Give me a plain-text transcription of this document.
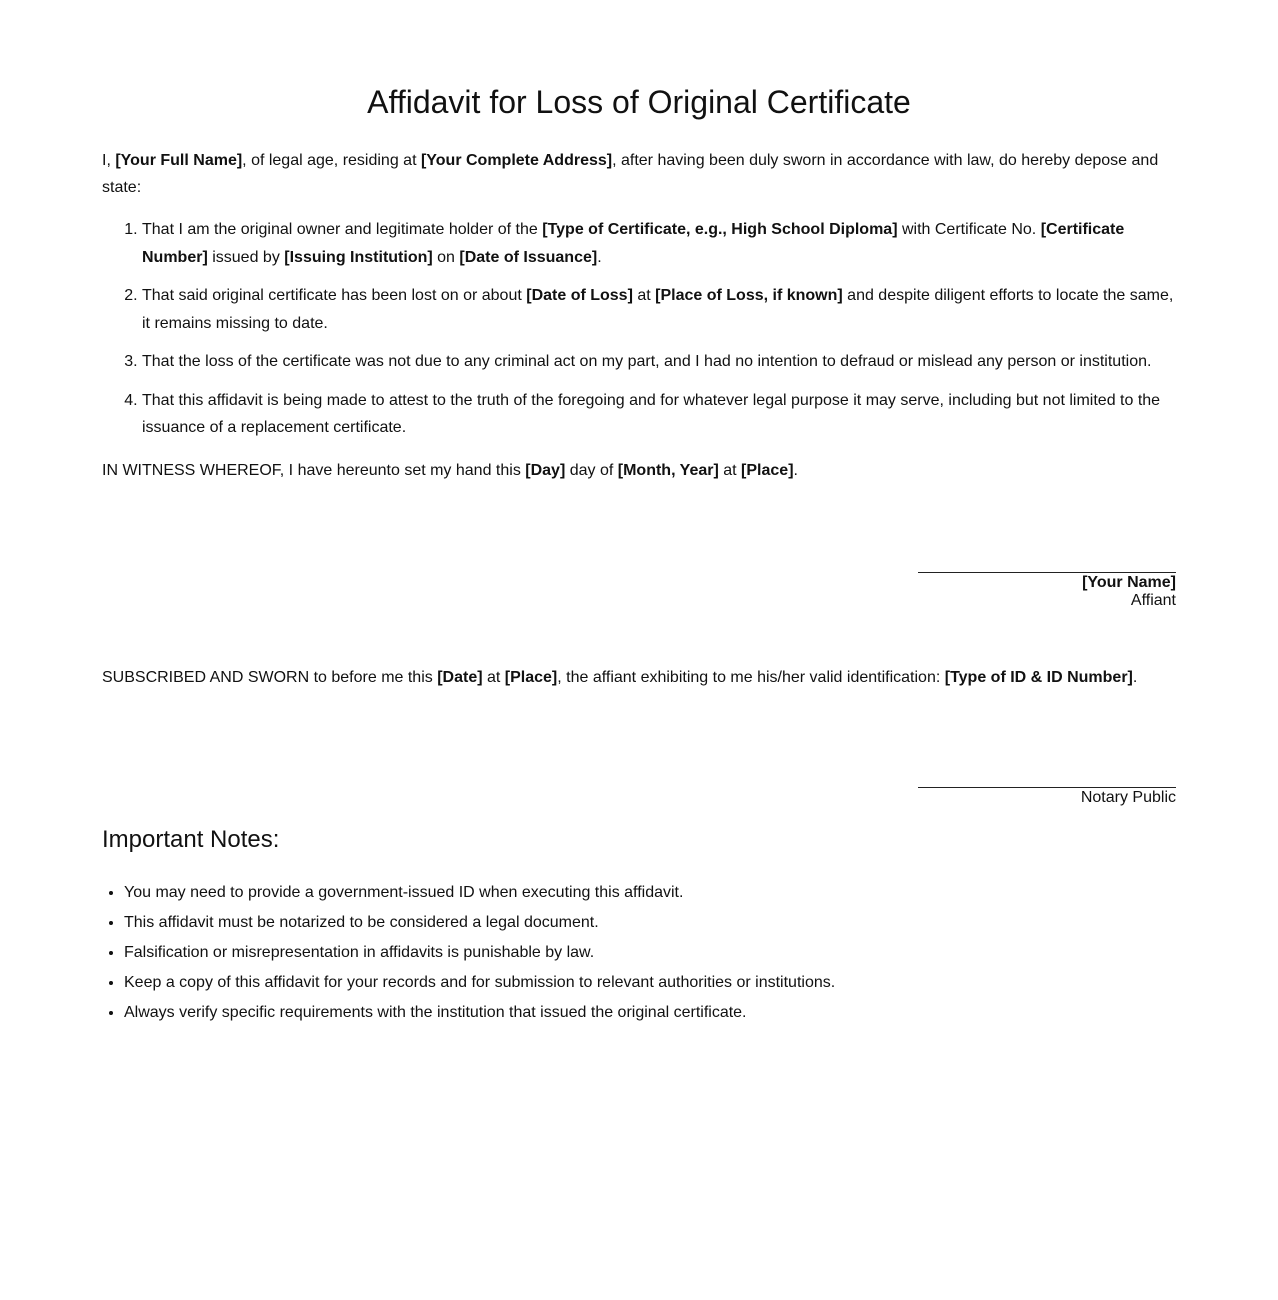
Affidavit for Loss of Original Certificate

I, [Your Full Name], of legal age, residing at [Your Complete Address], after having been duly sworn in accordance with law, do hereby depose and state:

1. That I am the original owner and legitimate holder of the [Type of Certificate, e.g., High School Diploma] with Certificate No. [Certificate Number] issued by [Issuing Institution] on [Date of Issuance].
2. That said original certificate has been lost on or about [Date of Loss] at [Place of Loss, if known] and despite diligent efforts to locate the same, it remains missing to date.
3. That the loss of the certificate was not due to any criminal act on my part, and I had no intention to defraud or mislead any person or institution.
4. That this affidavit is being made to attest to the truth of the foregoing and for whatever legal purpose it may serve, including but not limited to the issuance of a replacement certificate.

IN WITNESS WHEREOF, I have hereunto set my hand this [Day] day of [Month, Year] at [Place].

[Your Name]
Affiant

SUBSCRIBED AND SWORN to before me this [Date] at [Place], the affiant exhibiting to me his/her valid identification: [Type of ID & ID Number].

Notary Public
Important Notes:
• You may need to provide a government-issued ID when executing this affidavit.
• This affidavit must be notarized to be considered a legal document.
• Falsification or misrepresentation in affidavits is punishable by law.
• Keep a copy of this affidavit for your records and for submission to relevant authorities or institutions.
• Always verify specific requirements with the institution that issued the original certificate.
